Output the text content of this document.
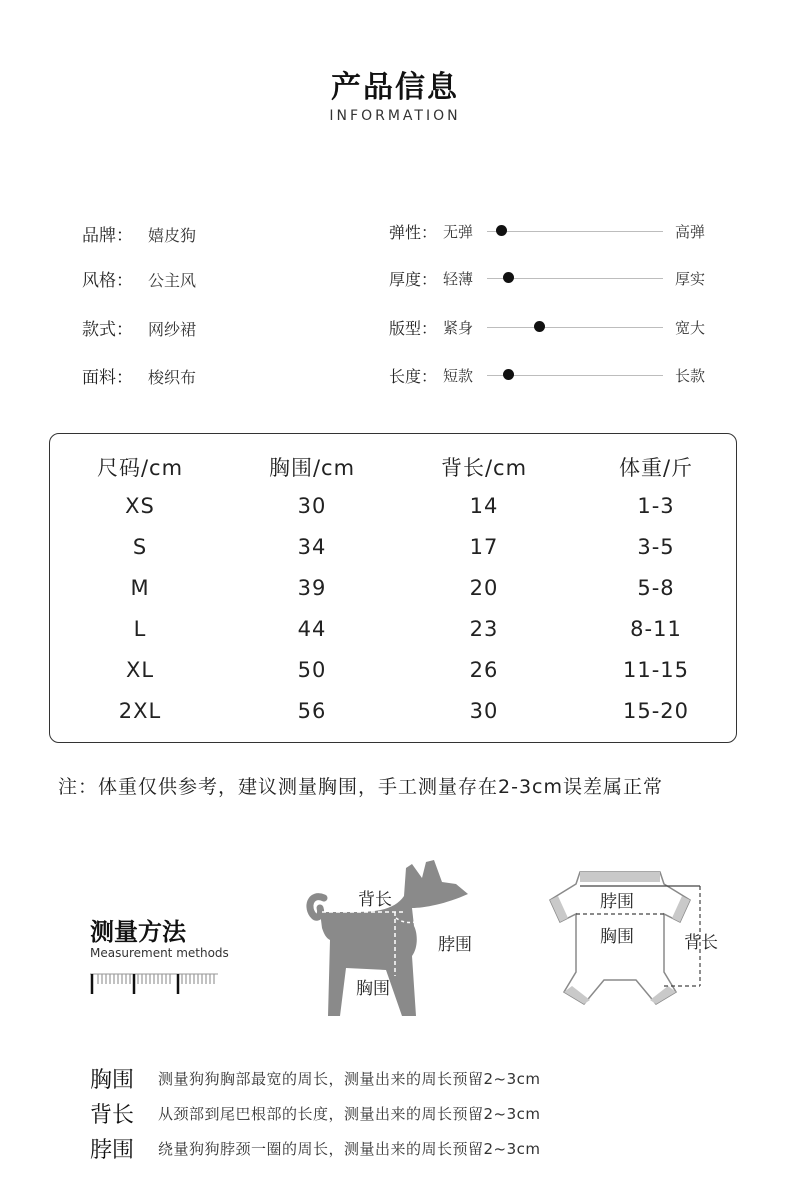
产品信息
INFORMATION
品牌： 嬉皮狗
风格： 公主风
款式： 网纱裙
面料： 梭织布
弹性： 无弹	高弹
厚度： 轻薄	厚实
版型： 紧身	宽大
长度： 短款	长款
尺码/cm	胸围/cm	背长/cm	体重/斤
XS	30	14	1-3
S	34	17	3-5
M	39	20	5-8
L	44	23	8-11
XL	50	26	11-15
2XL	56	30	15-20
注：体重仅供参考，建议测量胸围，手工测量存在2-3cm误差属正常
测量方法
Measurement methods
背长
脖围
胸围
脖围
胸围	背长
胸围 测量狗狗胸部最宽的周长，测量出来的周长预留2~3cm
背长 从颈部到尾巴根部的长度，测量出来的周长预留2~3cm
脖围 绕量狗狗脖颈一圈的周长，测量出来的周长预留2~3cm
